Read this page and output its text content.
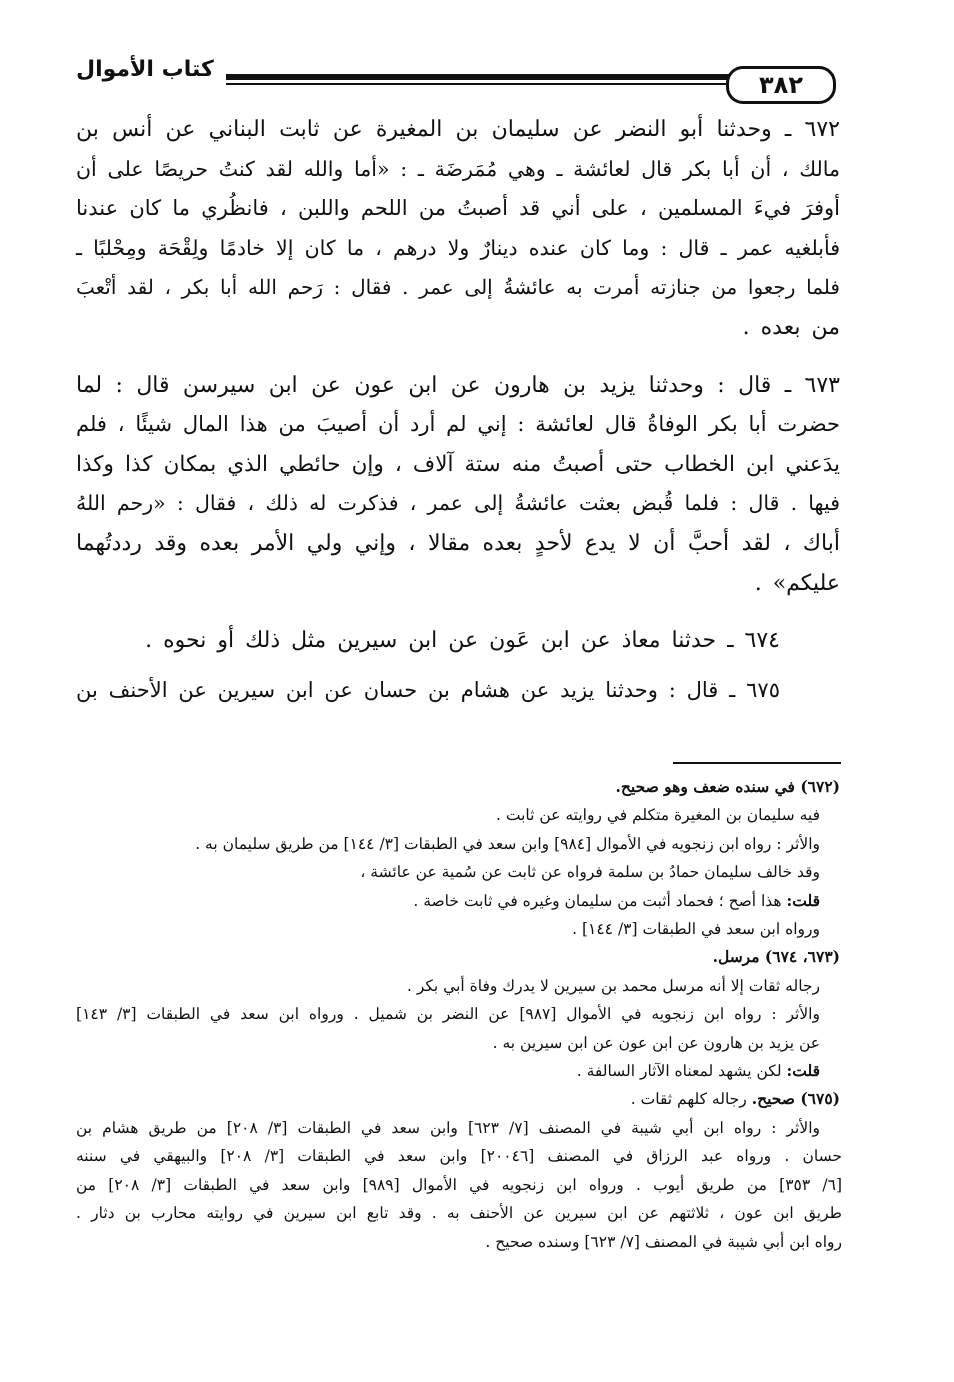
كتاب الأموال
٣٨٢
٦٧٢ ـ وحدثنا أبو النضر عن سليمان بن المغيرة عن ثابت البناني عن أنس بن
مالك ، أن أبا بكر قال لعائشة ـ وهي مُمَرضَة ـ : «أما والله لقد كنتُ حريصًا على أن
أوفرَ فيءَ المسلمين ، على أني قد أصبتُ من اللحم واللبن ، فانظُري ما كان عندنا
فأبلغيه عمر ـ قال : وما كان عنده دينارٌ ولا درهم ، ما كان إلا خادمًا ولِقْحَة ومِحْلبًا ـ
فلما رجعوا من جنازته أمرت به عائشةُ إلى عمر . فقال : رَحم الله أبا بكر ، لقد أتْعبَ
من بعده .
٦٧٣ ـ قال : وحدثنا يزيد بن هارون عن ابن عون عن ابن سيرسن قال : لما
حضرت أبا بكر الوفاةُ قال لعائشة : إني لم أرد أن أصيبَ من هذا المال شيئًا ، فلم
يدَعني ابن الخطاب حتى أصبتُ منه ستة آلاف ، وإن حائطي الذي بمكان كذا وكذا
فيها . قال : فلما قُبض بعثت عائشةُ إلى عمر ، فذكرت له ذلك ، فقال : «رحم اللهُ
أباك ، لقد أحبَّ أن لا يدع لأحدٍ بعده مقالا ، وإني ولي الأمر بعده وقد رددتُهما
عليكم» .
٦٧٤ ـ حدثنا معاذ عن ابن عَون عن ابن سيرين مثل ذلك أو نحوه .
٦٧٥ ـ قال : وحدثنا يزيد عن هشام بن حسان عن ابن سيرين عن الأحنف بن
(٦٧٢) في سنده ضعف وهو صحيح.
فيه سليمان بن المغيرة متكلم في روايته عن ثابت .
والأثر : رواه ابن زنجويه في الأموال [٩٨٤] وابن سعد في الطبقات [٣/ ١٤٤] من طريق سليمان به .
وقد خالف سليمان حمادُ بن سلمة فرواه عن ثابت عن سُمية عن عائشة ،
قلت: هذا أصح ؛ فحماد أثبت من سليمان وغيره في ثابت خاصة .
ورواه ابن سعد في الطبقات [٣/ ١٤٤] .
(٦٧٣، ٦٧٤) مرسل.
رجاله ثقات إلا أنه مرسل محمد بن سيرين لا يدرك وفاة أبي بكر .
والأثر : رواه ابن زنجويه في الأموال [٩٨٧] عن النضر بن شميل . ورواه ابن سعد في الطبقات [٣/ ١٤٣]
عن يزيد بن هارون عن ابن عون عن ابن سيرين به .
قلت: لكن يشهد لمعناه الآثار السالفة .
(٦٧٥) صحيح. رجاله كلهم ثقات .
والأثر : رواه ابن أبي شيبة في المصنف [٧/ ٦٢٣] وابن سعد في الطبقات [٣/ ٢٠٨] من طريق هشام بن
حسان . ورواه عبد الرزاق في المصنف [٢٠٠٤٦] وابن سعد في الطبقات [٣/ ٢٠٨] والبيهقي في سننه
[٦/ ٣٥٣] من طريق أيوب . ورواه ابن زنجويه في الأموال [٩٨٩] وابن سعد في الطبقات [٣/ ٢٠٨] من
طريق ابن عون ، ثلاثتهم عن ابن سيرين عن الأحنف به . وقد تابع ابن سيرين في روايته محارب بن دثار .
رواه ابن أبي شيبة في المصنف [٧/ ٦٢٣] وسنده صحيح .
